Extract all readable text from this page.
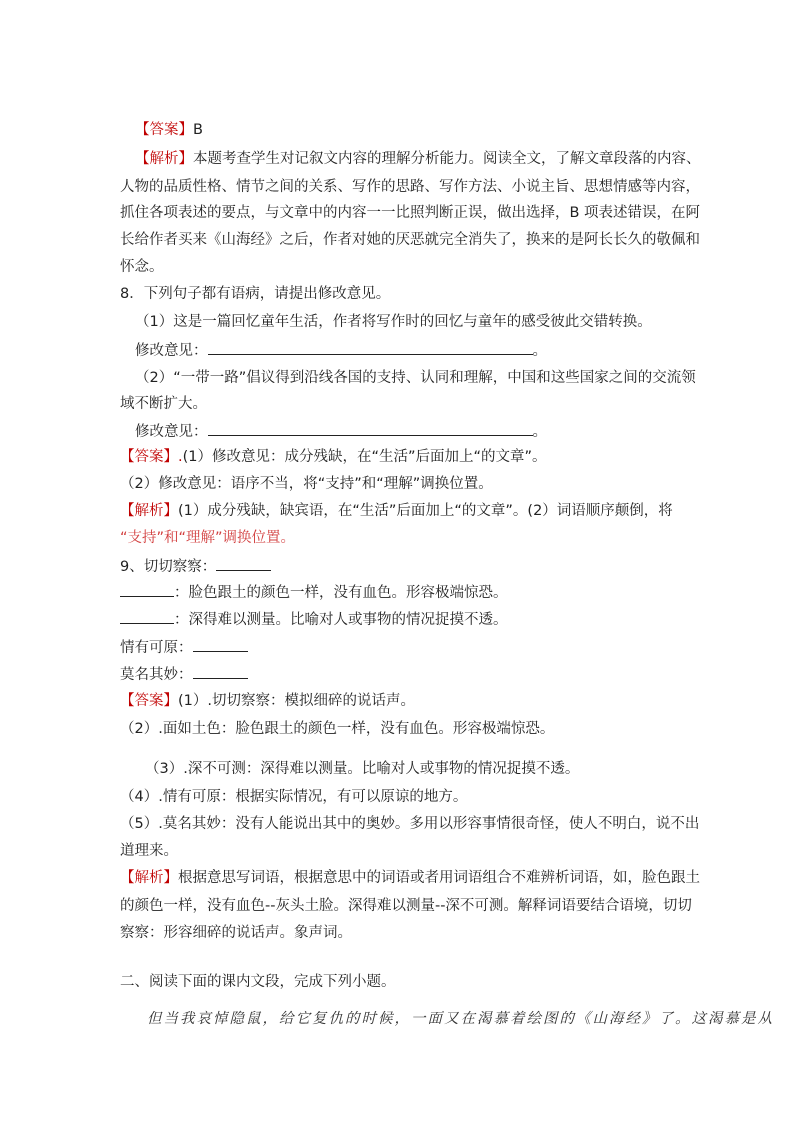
【答案】B
【解析】本题考查学生对记叙文内容的理解分析能力。阅读全文，了解文章段落的内容、
人物的品质性格、情节之间的关系、写作的思路、写作方法、小说主旨、思想情感等内容，
抓住各项表述的要点，与文章中的内容一一比照判断正误，做出选择，B 项表述错误，在阿
长给作者买来《山海经》之后，作者对她的厌恶就完全消失了，换来的是阿长长久的敬佩和
怀念。
8．下列句子都有语病，请提出修改意见。
（1）这是一篇回忆童年生活，作者将写作时的回忆与童年的感受彼此交错转换。
修改意见：	。
（2）“一带一路”倡议得到沿线各国的支持、认同和理解，中国和这些国家之间的交流领
域不断扩大。
修改意见：	。
【答案】.(1）修改意见：成分残缺，在“生活”后面加上“的文章”。
（2）修改意见：语序不当，将“支持”和“理解”调换位置。
【解析】(1）成分残缺，缺宾语，在“生活”后面加上“的文章”。(2）词语顺序颠倒，将
“支持”和“理解”调换位置。
9、切切察察：
：脸色跟土的颜色一样，没有血色。形容极端惊恐。
：深得难以测量。比喻对人或事物的情况捉摸不透。
情有可原：
莫名其妙：
【答案】(1）.切切察察：模拟细碎的说话声。
（2）.面如土色：脸色跟土的颜色一样，没有血色。形容极端惊恐。
（3）.深不可测：深得难以测量。比喻对人或事物的情况捉摸不透。
（4）.情有可原：根据实际情况，有可以原谅的地方。
（5）.莫名其妙：没有人能说出其中的奥妙。多用以形容事情很奇怪，使人不明白，说不出
道理来。
【解析】根据意思写词语，根据意思中的词语或者用词语组合不难辨析词语，如，脸色跟土
的颜色一样，没有血色--灰头土脸。深得难以测量--深不可测。解释词语要结合语境，切切
察察：形容细碎的说话声。象声词。
二、阅读下面的课内文段，完成下列小题。
但当我哀悼隐鼠，给它复仇的时候，一面又在渴慕着绘图的《山海经》了。这渴慕是从
